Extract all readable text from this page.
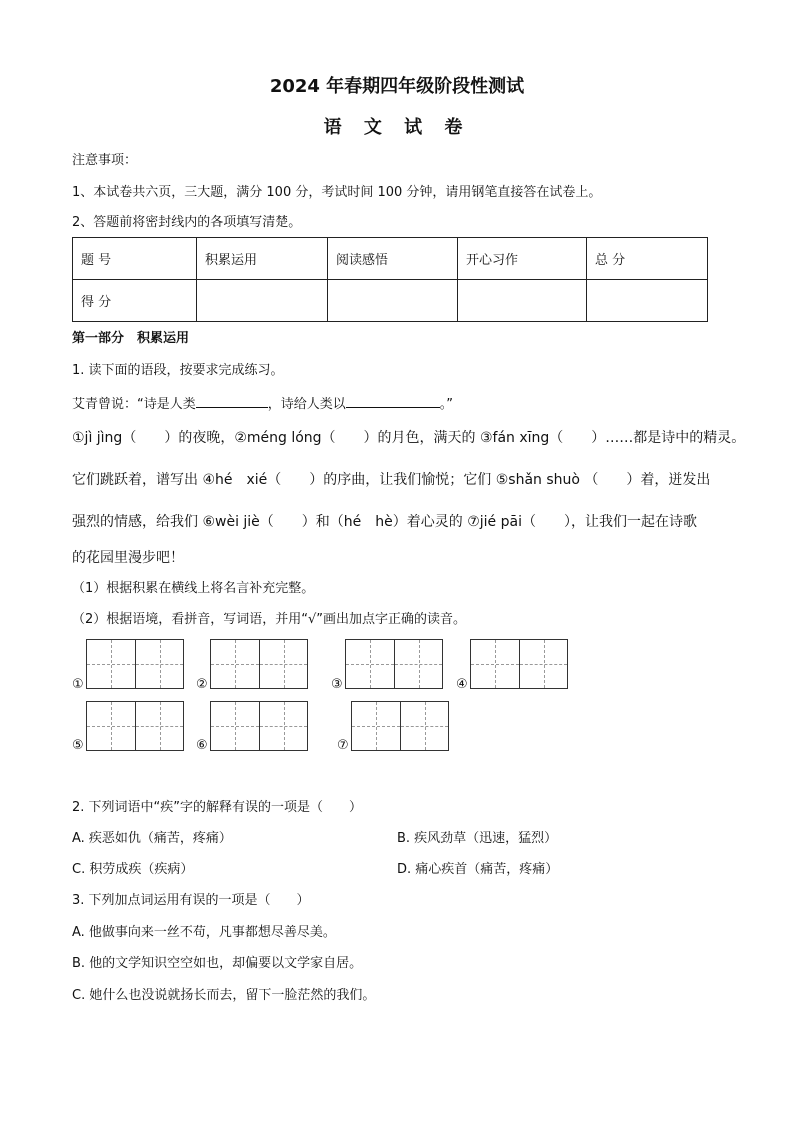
2024 年春期四年级阶段性测试
语 文 试 卷
注意事项：
1、本试卷共六页，三大题，满分 100 分，考试时间 100 分钟，请用钢笔直接答在试卷上。
2、答题前将密封线内的各项填写清楚。
题 号	积累运用	阅读感悟	开心习作	总 分
得 分				
第一部分　积累运用
1. 读下面的语段，按要求完成练习。
艾青曾说：“诗是人类	，诗给人类以	。”
①jì jìng（　　）的夜晚，②méng lóng（　　）的月色，满天的 ③fán xīng（　　）……都是诗中的精灵。
它们跳跃着，谱写出 ④hé　xié（　　）的序曲，让我们愉悦；它们 ⑤shǎn shuò （　　）着，迸发出
强烈的情感，给我们 ⑥wèi jiè（　　）和（hé　hè）着心灵的 ⑦jié pāi（　　），让我们一起在诗歌
的花园里漫步吧！
（1）根据积累在横线上将名言补充完整。
（2）根据语境，看拼音，写词语，并用“√”画出加点字正确的读音。
①	②	③	④
⑤	⑥	⑦
2. 下列词语中“疾”字的解释有误的一项是（　　）
A. 疾恶如仇（痛苦，疼痛）	B. 疾风劲草（迅速，猛烈）
C. 积劳成疾（疾病）	D. 痛心疾首（痛苦，疼痛）
3. 下列加点词运用有误的一项是（　　）
A. 他做事向来一丝不苟，凡事都想尽善尽美。
B. 他的文学知识空空如也，却偏要以文学家自居。
C. 她什么也没说就扬长而去，留下一脸茫然的我们。
